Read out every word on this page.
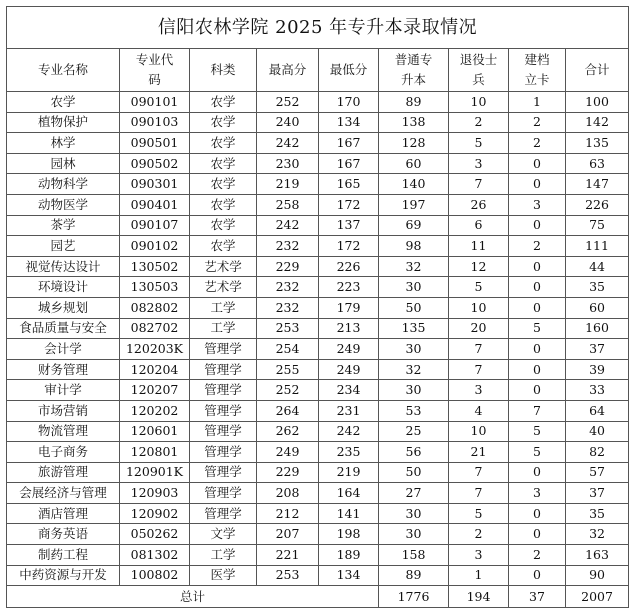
信阳农林学院 2025 年专升本录取情况								

专业名称	专业代码	科类	最高分	最低分	普通专升本	退役士兵	建档立卡	合计

农学	090101	农学	252	170	89	10	1	100
植物保护	090103	农学	240	134	138	2	2	142
林学	090501	农学	242	167	128	5	2	135
园林	090502	农学	230	167	60	3	0	63
动物科学	090301	农学	219	165	140	7	0	147
动物医学	090401	农学	258	172	197	26	3	226
茶学	090107	农学	242	137	69	6	0	75
园艺	090102	农学	232	172	98	11	2	111
视觉传达设计	130502	艺术学	229	226	32	12	0	44
环境设计	130503	艺术学	232	223	30	5	0	35
城乡规划	082802	工学	232	179	50	10	0	60
食品质量与安全	082702	工学	253	213	135	20	5	160
会计学	120203K	管理学	254	249	30	7	0	37
财务管理	120204	管理学	255	249	32	7	0	39
审计学	120207	管理学	252	234	30	3	0	33
市场营销	120202	管理学	264	231	53	4	7	64
物流管理	120601	管理学	262	242	25	10	5	40
电子商务	120801	管理学	249	235	56	21	5	82
旅游管理	120901K	管理学	229	219	50	7	0	57
会展经济与管理	120903	管理学	208	164	27	7	3	37
酒店管理	120902	管理学	212	141	30	5	0	35
商务英语	050262	文学	207	198	30	2	0	32
制药工程	081302	工学	221	189	158	3	2	163
中药资源与开发	100802	医学	253	134	89	1	0	90
总计					1776	194	37	2007
